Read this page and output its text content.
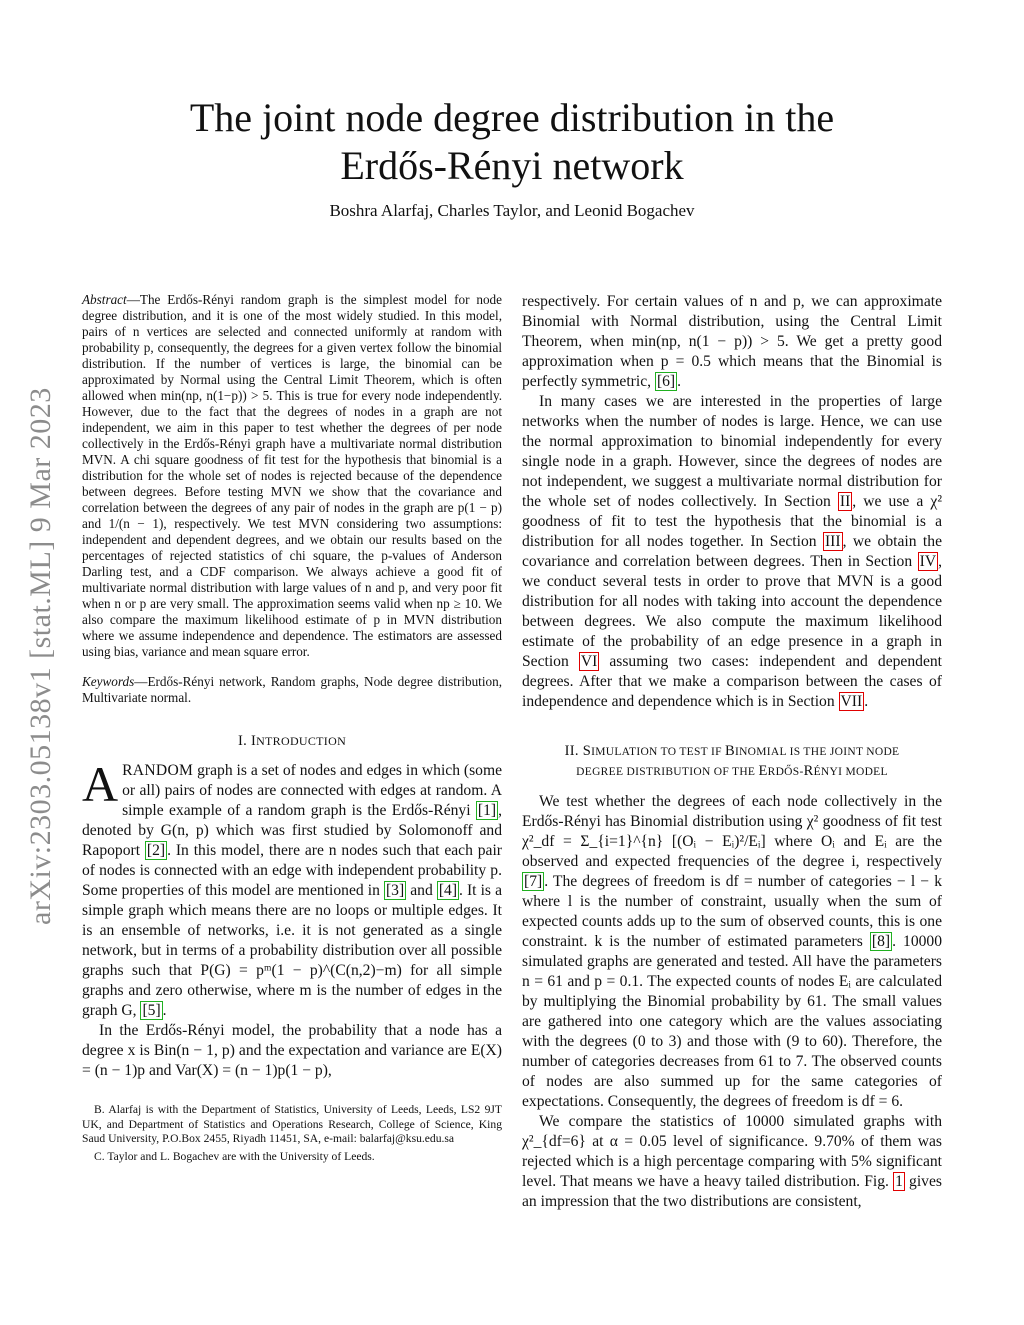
arXiv:2303.05138v1 [stat.ML] 9 Mar 2023
The joint node degree distribution in the
Erdős-Rényi network

Boshra Alarfaj, Charles Taylor, and Leonid Bogachev

Abstract—The Erdős-Rényi random graph is the simplest model for node degree distribution, and it is one of the most widely studied. In this model, pairs of n vertices are selected and connected uniformly at random with probability p, consequently, the degrees for a given vertex follow the binomial distribution. If the number of vertices is large, the binomial can be approximated by Normal using the Central Limit Theorem, which is often allowed when min(np, n(1−p)) > 5. This is true for every node independently. However, due to the fact that the degrees of nodes in a graph are not independent, we aim in this paper to test whether the degrees of per node collectively in the Erdős-Rényi graph have a multivariate normal distribution MVN. A chi square goodness of fit test for the hypothesis that binomial is a distribution for the whole set of nodes is rejected because of the dependence between degrees. Before testing MVN we show that the covariance and correlation between the degrees of any pair of nodes in the graph are p(1 − p) and 1/(n − 1), respectively. We test MVN considering two assumptions: independent and dependent degrees, and we obtain our results based on the percentages of rejected statistics of chi square, the p-values of Anderson Darling test, and a CDF comparison. We always achieve a good fit of multivariate normal distribution with large values of n and p, and very poor fit when n or p are very small. The approximation seems valid when np ≥ 10. We also compare the maximum likelihood estimate of p in MVN distribution where we assume independence and dependence. The estimators are assessed using bias, variance and mean square error.

Keywords—Erdős-Rényi network, Random graphs, Node degree distribution, Multivariate normal.

I. INTRODUCTION

ARANDOM graph is a set of nodes and edges in which (some or all) pairs of nodes are connected with edges at random. A simple example of a random graph is the Erdős-Rényi [1] , denoted by G(n, p) which was first studied by Solomonoff and Rapoport [2] . In this model, there are n nodes such that each pair of nodes is connected with an edge with independent probability p. Some properties of this model are mentioned in [3] and [4] . It is a simple graph which means there are no loops or multiple edges. It is an ensemble of networks, i.e. it is not generated as a single network, but in terms of a probability distribution over all possible graphs such that P(G) = pᵐ(1 − p)^(C(n,2)−m) for all simple graphs and zero otherwise, where m is the number of edges in the graph G, [5] .

In the Erdős-Rényi model, the probability that a node has a degree x is Bin(n − 1, p) and the expectation and variance are E(X) = (n − 1)p and Var(X) = (n − 1)p(1 − p),

B. Alarfaj is with the Department of Statistics, University of Leeds, Leeds, LS2 9JT UK, and Department of Statistics and Operations Research, College of Science, King Saud University, P.O.Box 2455, Riyadh 11451, SA, e-mail: balarfaj@ksu.edu.sa

C. Taylor and L. Bogachev are with the University of Leeds.

respectively. For certain values of n and p, we can approximate Binomial with Normal distribution, using the Central Limit Theorem, when min(np, n(1 − p)) > 5. We get a pretty good approximation when p = 0.5 which means that the Binomial is perfectly symmetric, [6] .

In many cases we are interested in the properties of large networks when the number of nodes is large. Hence, we can use the normal approximation to binomial independently for every single node in a graph. However, since the degrees of nodes are not independent, we suggest a multivariate normal distribution for the whole set of nodes collectively. In Section II , we use a χ² goodness of fit to test the hypothesis that the binomial is a distribution for all nodes together. In Section III , we obtain the covariance and correlation between degrees. Then in Section IV , we conduct several tests in order to prove that MVN is a good distribution for all nodes with taking into account the dependence between degrees. We also compute the maximum likelihood estimate of the probability of an edge presence in a graph in Section VI assuming two cases: independent and dependent degrees. After that we make a comparison between the cases of independence and dependence which is in Section VII .

II. SIMULATION TO TEST IF BINOMIAL IS THE JOINT NODE
DEGREE DISTRIBUTION OF THE ERDŐS-RÉNYI MODEL

We test whether the degrees of each node collectively in the Erdős-Rényi has Binomial distribution using χ² goodness of fit test χ²_df = Σ_{i=1}^{n} [(Oᵢ − Eᵢ)²/Eᵢ] where Oᵢ and Eᵢ are the observed and expected frequencies of the degree i, respectively [7] . The degrees of freedom is df = number of categories − l − k where l is the number of constraint, usually when the sum of expected counts adds up to the sum of observed counts, this is one constraint. k is the number of estimated parameters [8] . 10000 simulated graphs are generated and tested. All have the parameters n = 61 and p = 0.1. The expected counts of nodes Eᵢ are calculated by multiplying the Binomial probability by 61. The small values are gathered into one category which are the values associating with the degrees (0 to 3) and those with (9 to 60). Therefore, the number of categories decreases from 61 to 7. The observed counts of nodes are also summed up for the same categories of expectations. Consequently, the degrees of freedom is df = 6.

We compare the statistics of 10000 simulated graphs with χ²_{df=6} at α = 0.05 level of significance. 9.70% of them was rejected which is a high percentage comparing with 5% significant level. That means we have a heavy tailed distribution. Fig. 1 gives an impression that the two distributions are consistent,
